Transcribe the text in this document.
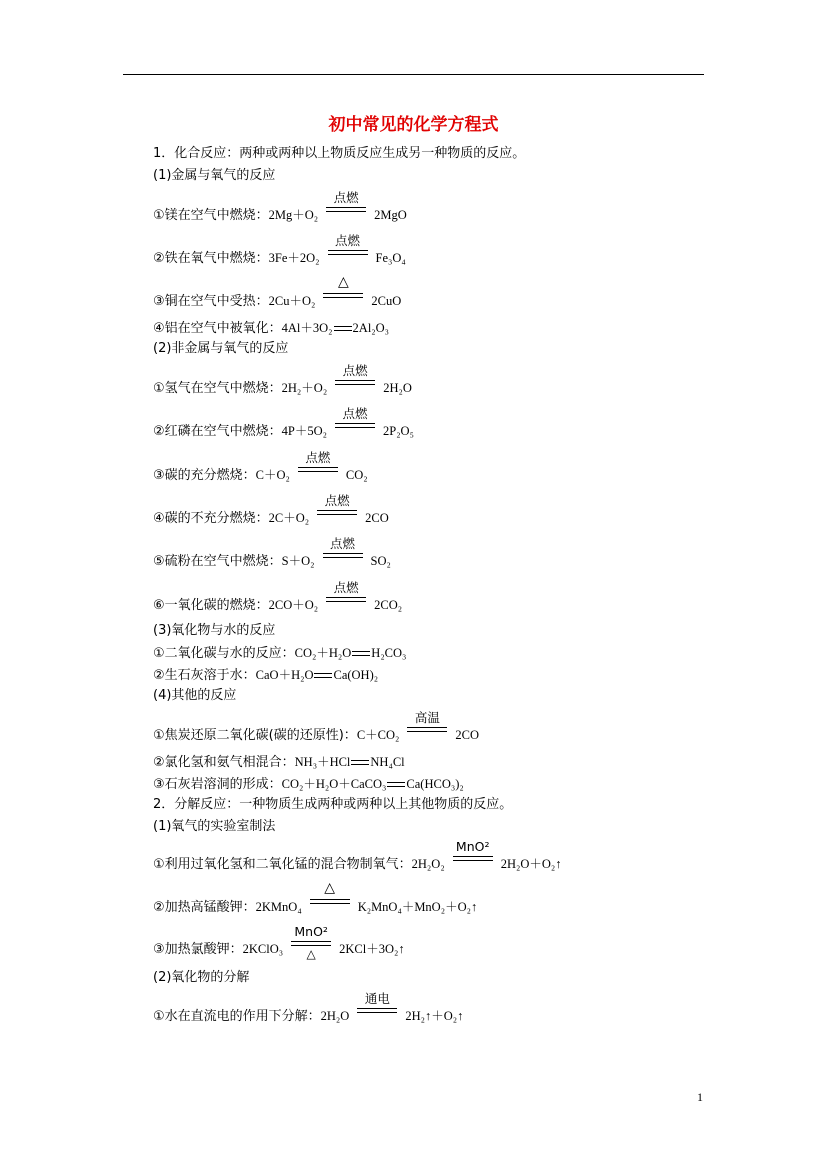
初中常见的化学方程式
1．化合反应：两种或两种以上物质反应生成另一种物质的反应。
(1)金属与氧气的反应
①镁在空气中燃烧：2Mg＋O₂
点燃
2MgO
②铁在氧气中燃烧：3Fe＋2O₂
点燃
Fe₃O₄
③铜在空气中受热：2Cu＋O₂
△
2CuO
④铝在空气中被氧化：4Al＋3O₂ 2Al₂O₃
(2)非金属与氧气的反应
①氢气在空气中燃烧：2H₂＋O₂
点燃
2H₂O
②红磷在空气中燃烧：4P＋5O₂
点燃
2P₂O₅
③碳的充分燃烧：C＋O₂
点燃
CO₂
④碳的不充分燃烧：2C＋O₂
点燃
2CO
⑤硫粉在空气中燃烧：S＋O₂
点燃
SO₂
⑥一氧化碳的燃烧：2CO＋O₂
点燃
2CO₂
(3)氧化物与水的反应
①二氧化碳与水的反应：CO₂＋H₂O H₂CO₃
②生石灰溶于水：CaO＋H₂O Ca(OH)₂
(4)其他的反应
①焦炭还原二氧化碳(碳的还原性)：C＋CO₂
高温
2CO
②氯化氢和氨气相混合：NH₃＋HCl NH₄Cl
③石灰岩溶洞的形成：CO₂＋H₂O＋CaCO₃ Ca(HCO₃)₂
2．分解反应：一种物质生成两种或两种以上其他物质的反应。
(1)氧气的实验室制法
①利用过氧化氢和二氧化锰的混合物制氧气：2H₂O₂
MnO²
2H₂O＋O₂↑
②加热高锰酸钾：2KMnO₄
△
K₂MnO₄＋MnO₂＋O₂↑
③加热氯酸钾：2KClO₃
MnO²
△	2KCl＋3O₂↑
(2)氧化物的分解
①水在直流电的作用下分解：2H₂O
通电
2H₂↑＋O₂↑
1
